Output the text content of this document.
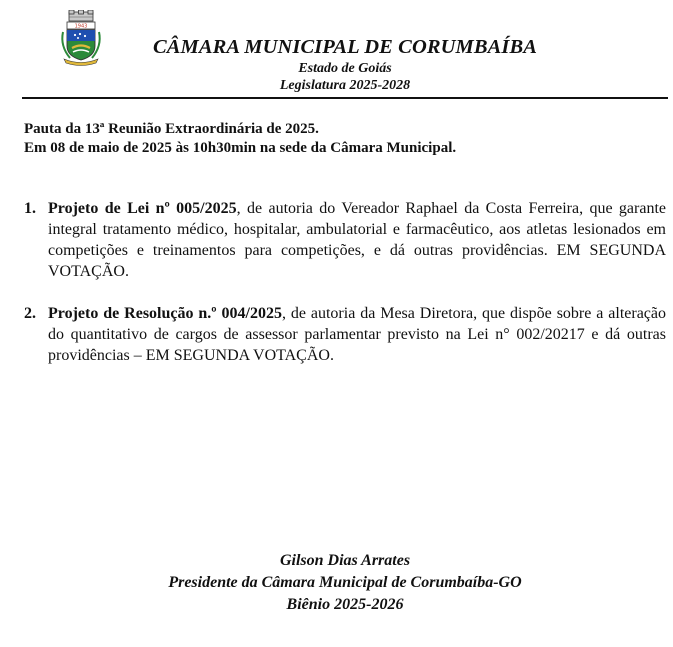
1943
CÂMARA MUNICIPAL DE CORUMBAÍBA
Estado de Goiás
Legislatura 2025-2028
Pauta da 13ª Reunião Extraordinária de 2025.
Em 08 de maio de 2025 às 10h30min na sede da Câmara Municipal.
1. Projeto de Lei nº 005/2025, de autoria do Vereador Raphael da Costa Ferreira, que garante integral tratamento médico, hospitalar, ambulatorial e farmacêutico, aos atletas lesionados em competições e treinamentos para competições, e dá outras providências. EM SEGUNDA VOTAÇÃO.
2. Projeto de Resolução n.º 004/2025, de autoria da Mesa Diretora, que dispõe sobre a alteração do quantitativo de cargos de assessor parlamentar previsto na Lei n° 002/20217 e dá outras providências – EM SEGUNDA VOTAÇÃO.
Gilson Dias Arrates
Presidente da Câmara Municipal de Corumbaíba-GO
Biênio 2025-2026
